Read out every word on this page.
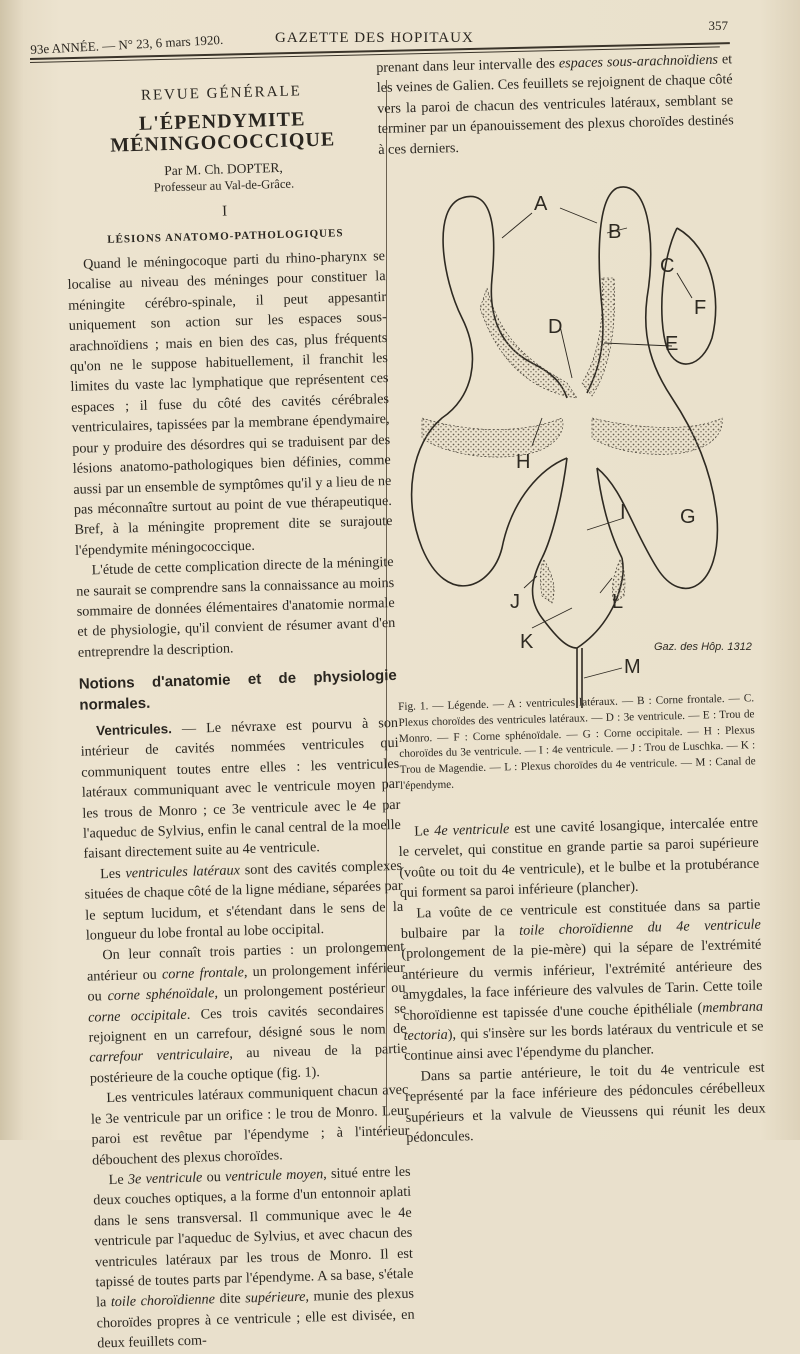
93e ANNÉE. — N° 23, 6 mars 1920.	GAZETTE DES HOPITAUX
357
REVUE GÉNÉRALE
L'ÉPENDYMITE MÉNINGOCOCCIQUE
Par M. Ch. DOPTER,
Professeur au Val-de-Grâce.
I
LÉSIONS ANATOMO-PATHOLOGIQUES

Quand le méningocoque parti du rhino-pharynx se localise au niveau des méninges pour constituer la méningite cérébro-spinale, il peut appesantir uniquement son action sur les espaces sous-arachnoïdiens ; mais en bien des cas, plus fréquents qu'on ne le suppose habituellement, il franchit les limites du vaste lac lymphatique que représentent ces espaces ; il fuse du côté des cavités cérébrales ventriculaires, tapissées par la membrane épendymaire, pour y produire des désordres qui se traduisent par des lésions anatomo-pathologiques bien définies, comme aussi par un ensemble de symptômes qu'il y a lieu de ne pas méconnaître surtout au point de vue thérapeutique. Bref, à la méningite proprement dite se surajoute l'épendymite méningococcique.

L'étude de cette complication directe de la méningite ne saurait se comprendre sans la connaissance au moins sommaire de données élémentaires d'anatomie normale et de physiologie, qu'il convient de résumer avant d'en entreprendre la description.

Notions d'anatomie et de physiologie normales.

Ventricules. — Le névraxe est pourvu à son intérieur de cavités nommées ventricules qui communiquent toutes entre elles : les ventricules latéraux communiquant avec le ventricule moyen par les trous de Monro ; ce 3e ventricule avec le 4e par l'aqueduc de Sylvius, enfin le canal central de la moelle faisant directement suite au 4e ventricule.

Les ventricules latéraux sont des cavités complexes situées de chaque côté de la ligne médiane, séparées par le septum lucidum, et s'étendant dans le sens de la longueur du lobe frontal au lobe occipital.

On leur connaît trois parties : un prolongement antérieur ou corne frontale, un prolongement inférieur ou corne sphénoïdale, un prolongement postérieur ou corne occipitale. Ces trois cavités secondaires se rejoignent en un carrefour, désigné sous le nom de carrefour ventriculaire, au niveau de la partie postérieure de la couche optique (fig. 1).

Les ventricules latéraux communiquent chacun avec le 3e ventricule par un orifice : le trou de Monro. Leur paroi est revêtue par l'épendyme ; à l'intérieur débouchent des plexus choroïdes.

Le 3e ventricule ou ventricule moyen, situé entre les deux couches optiques, a la forme d'un entonnoir aplati dans le sens transversal. Il communique avec le 4e ventricule par l'aqueduc de Sylvius, et avec chacun des ventricules latéraux par les trous de Monro. Il est tapissé de toutes parts par l'épendyme. A sa base, s'étale la toile choroïdienne dite supérieure, munie des plexus choroïdes propres à ce ventricule ; elle est divisée, en deux feuillets com-

prenant dans leur intervalle des espaces sous-arachnoïdiens et les veines de Galien. Ces feuillets se rejoignent de chaque côté vers la paroi de chacun des ventricules latéraux, semblant se terminer par un épanouissement des plexus choroïdes destinés à ces derniers.

A
B
C
F
D
E
H
I	G
J	L
K
M
Gaz. des Hôp. 1312
Fig. 1. — Légende. — A : ventricules latéraux. — B : Corne frontale. — C. Plexus choroïdes des ventricules latéraux. — D : 3e ventricule. — E : Trou de Monro. — F : Corne sphénoïdale. — G : Corne occipitale. — H : Plexus choroïdes du 3e ventricule. — I : 4e ventricule. — J : Trou de Luschka. — K : Trou de Magendie. — L : Plexus choroïdes du 4e ventricule. — M : Canal de l'épendyme.

Le 4e ventricule est une cavité losangique, intercalée entre le cervelet, qui constitue en grande partie sa paroi supérieure (voûte ou toit du 4e ventricule), et le bulbe et la protubérance qui forment sa paroi inférieure (plancher).

La voûte de ce ventricule est constituée dans sa partie bulbaire par la toile choroïdienne du 4e ventricule (prolongement de la pie-mère) qui la sépare de l'extrémité antérieure du vermis inférieur, l'extrémité antérieure des amygdales, la face inférieure des valvules de Tarin. Cette toile choroïdienne est tapissée d'une couche épithéliale (membrana tectoria), qui s'insère sur les bords latéraux du ventricule et se continue ainsi avec l'épendyme du plancher.

Dans sa partie antérieure, le toit du 4e ventricule est représenté par la face inférieure des pédoncules cérébelleux supérieurs et la valvule de Vieussens qui réunit les deux pédoncules.
